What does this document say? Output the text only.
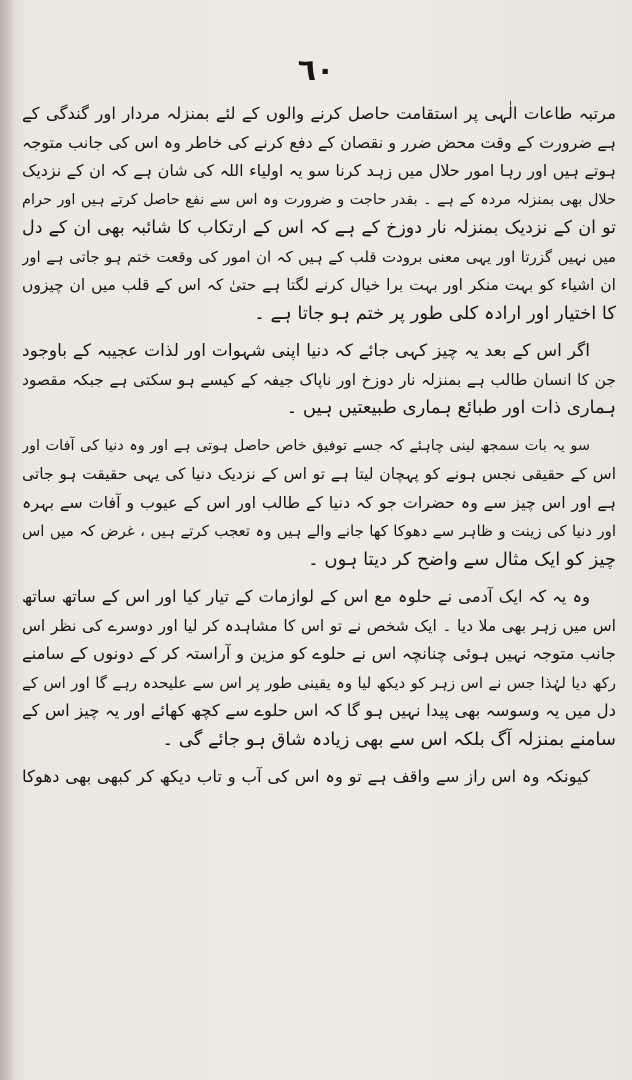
٦٠
مرتبہ طاعات الٰہی پر استقامت حاصل کرنے والوں کے لئے بمنزلہ مردار اور گندگی کے
ہے ضرورت کے وقت محض ضرر و نقصان کے دفع کرنے کی خاطر وہ اس کی جانب متوجہ
ہوتے ہیں اور رہا امور حلال میں زہد کرنا سو یہ اولیاء اللہ کی شان ہے کہ ان کے نزدیک
حلال بھی بمنزلہ مردہ کے ہے ۔ بقدر حاجت و ضرورت وہ اس سے نفع حاصل کرتے ہیں اور حرام
تو ان کے نزدیک بمنزلہ نار دوزخ کے ہے کہ اس کے ارتکاب کا شائبہ بھی ان کے دل
میں نہیں گزرتا اور یہی معنی برودت قلب کے ہیں کہ ان امور کی وقعت ختم ہو جاتی ہے اور
ان اشیاء کو بہت منکر اور بہت برا خیال کرنے لگتا ہے حتیٰ کہ اس کے قلب میں ان چیزوں
کا اختیار اور ارادہ کلی طور پر ختم ہو جاتا ہے ۔
اگر اس کے بعد یہ چیز کہی جائے کہ دنیا اپنی شہوات اور لذات عجیبہ کے باوجود
جن کا انسان طالب ہے بمنزلہ نار دوزخ اور ناپاک جیفہ کے کیسے ہو سکتی ہے جبکہ مقصود
ہماری ذات اور طبائع ہماری طبیعتیں ہیں ۔
سو یہ بات سمجھ لینی چاہئے کہ جسے توفیق خاص حاصل ہوتی ہے اور وہ دنیا کی آفات اور
اس کے حقیقی نجس ہونے کو پہچان لیتا ہے تو اس کے نزدیک دنیا کی یہی حقیقت ہو جاتی
ہے اور اس چیز سے وہ حضرات جو کہ دنیا کے طالب اور اس کے عیوب و آفات سے بہرہ
اور دنیا کی زینت و ظاہر سے دھوکا کھا جانے والے ہیں وہ تعجب کرتے ہیں ، غرض کہ میں اس
چیز کو ایک مثال سے واضح کر دیتا ہوں ۔
وہ یہ کہ ایک آدمی نے حلوہ مع اس کے لوازمات کے تیار کیا اور اس کے ساتھ ساتھ
اس میں زہر بھی ملا دیا ۔ ایک شخص نے تو اس کا مشاہدہ کر لیا اور دوسرے کی نظر اس
جانب متوجہ نہیں ہوئی چنانچہ اس نے حلوے کو مزین و آراستہ کر کے دونوں کے سامنے
رکھ دیا لہٰذا جس نے اس زہر کو دیکھ لیا وہ یقینی طور پر اس سے علیحدہ رہے گا اور اس کے
دل میں یہ وسوسہ بھی پیدا نہیں ہو گا کہ اس حلوے سے کچھ کھائے اور یہ چیز اس کے
سامنے بمنزلہ آگ بلکہ اس سے بھی زیادہ شاق ہو جائے گی ۔
کیونکہ وہ اس راز سے واقف ہے تو وہ اس کی آب و تاب دیکھ کر کبھی بھی دھوکا
